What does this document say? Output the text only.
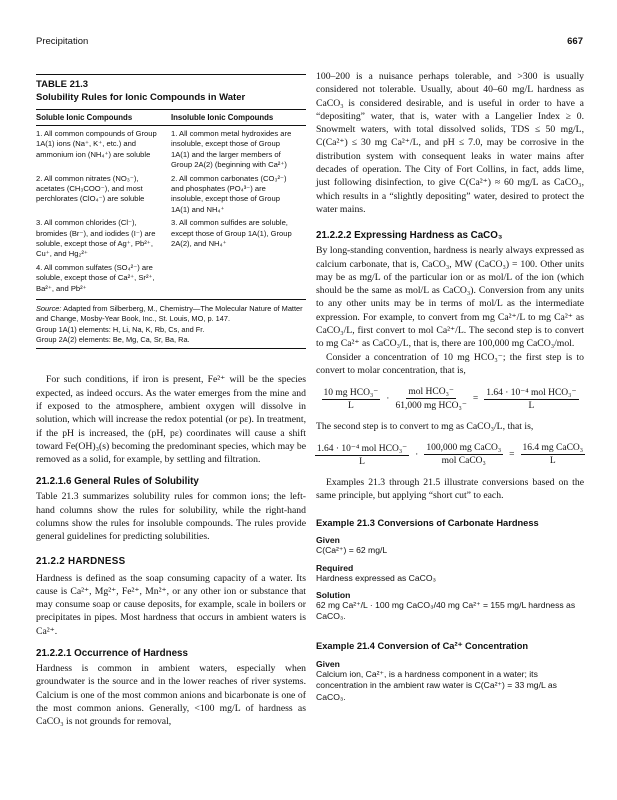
Precipitation	667
TABLE 21.3
Solubility Rules for Ionic Compounds in Water
Soluble Ionic Compounds	Insoluble Ionic Compounds
1. All common compounds of Group 1A(1) ions (Na⁺, K⁺, etc.) and ammonium ion (NH₄⁺) are soluble
1. All common metal hydroxides are insoluble, except those of Group 1A(1) and the larger members of Group 2A(2) (beginning with Ca²⁺)
2. All common nitrates (NO₃⁻), acetates (CH₃COO⁻), and most perchlorates (ClO₄⁻) are soluble
2. All common carbonates (CO₃²⁻) and phosphates (PO₄³⁻) are insoluble, except those of Group 1A(1) and NH₄⁺
3. All common chlorides (Cl⁻), bromides (Br⁻), and iodides (I⁻) are soluble, except those of Ag⁺, Pb²⁺, Cu⁺, and Hg₂²⁺
3. All common sulfides are soluble, except those of Group 1A(1), Group 2A(2), and NH₄⁺
4. All common sulfates (SO₄²⁻) are soluble, except those of Ca²⁺, Sr²⁺, Ba²⁺, and Pb²⁺
Source: Adapted from Silberberg, M., Chemistry—The Molecular Nature of Matter and Change, Mosby-Year Book, Inc., St. Louis, MO, p. 147.
Group 1A(1) elements: H, Li, Na, K, Rb, Cs, and Fr.
Group 2A(2) elements: Be, Mg, Ca, Sr, Ba, Ra.

For such conditions, if iron is present, Fe²⁺ will be the species expected, as indeed occurs. As the water emerges from the mine and if exposed to the atmosphere, ambient oxygen will dissolve in solution, which will increase the redox potential (or pε). In treatment, if the pH is increased, the (pH, pε) coordinates will cause a shift toward Fe(OH)₃(s) becoming the predominant species, which may be removed as a solid, for example, by settling and filtration.

21.2.1.6 General Rules of Solubility

Table 21.3 summarizes solubility rules for common ions; the left-hand columns show the rules for solubility, while the right-hand columns show the rules for insoluble compounds. The rules provide general guidelines for predicting solubilities.

21.2.2 HARDNESS

Hardness is defined as the soap consuming capacity of a water. Its cause is Ca²⁺, Mg²⁺, Fe²⁺, Mn²⁺, or any other ion or substance that may consume soap or cause deposits, for example, scale in boilers or precipitates in pipes. Most hardness that occurs in ambient waters is Ca²⁺.

21.2.2.1 Occurrence of Hardness

Hardness is common in ambient waters, especially when groundwater is the source and in the lower reaches of river systems. Calcium is one of the most common anions and bicarbonate is one of the most common anions. Generally, <100 mg/L of hardness as CaCO₃ is not grounds for removal,

100–200 is a nuisance perhaps tolerable, and >300 is usually considered not tolerable. Usually, about 40–60 mg/L hardness as CaCO₃ is considered desirable, and is useful in order to have a “depositing” water, that is, water with a Langelier Index ≥ 0. Snowmelt waters, with total dissolved solids, TDS ≤ 50 mg/L, C(Ca²⁺) ≤ 30 mg Ca²⁺/L, and pH ≤ 7.0, may be corrosive in the distribution system with consequent leaks in water mains after decades of operation. The City of Fort Collins, in fact, adds lime, just following disinfection, to give C(Ca²⁺) ≈ 60 mg/L as CaCO₃, which results in a “slightly depositing” water, desired to protect the water mains.

21.2.2.2 Expressing Hardness as CaCO₃

By long-standing convention, hardness is nearly always expressed as calcium carbonate, that is, CaCO₃, MW (CaCO₃) = 100. Other units may be as mg/L of the particular ion or as mol/L of the ion (which should be the same as mol/L as CaCO₃). Conversion from any units to any other units may be in terms of mol/L as the intermediate expression. For example, to convert from mg Ca²⁺/L to mg Ca²⁺ as CaCO₃/L, first convert to mol Ca²⁺/L. The second step is to convert to mg Ca²⁺ as CaCO₃/L, that is, there are 100,000 mg CaCO₃/mol.

Consider a concentration of 10 mg HCO₃⁻; the first step is to convert to molar concentration, that is,

$\frac{\text{10 mg HCO₃⁻}}{L} \cdot \frac{\text{mol HCO₃⁻}}{\text{61,000 mg HCO₃⁻}} = \frac{\text{1.64 · 10⁻⁴ mol HCO₃⁻}}{L}$

The second step is to convert to mg as CaCO₃/L, that is,

$\frac{\text{1.64 · 10⁻⁴ mol HCO₃⁻}}{L} \cdot \frac{\text{100,000 mg CaCO₃}}{\text{mol CaCO₃}} = \frac{\text{16.4 mg CaCO₃}}{L}$

Examples 21.3 through 21.5 illustrate conversions based on the same principle, but applying “short cut” to each.

Example 21.3 Conversions of Carbonate Hardness
Given
C(Ca²⁺) = 62 mg/L
Required
Hardness expressed as CaCO₃
Solution
62 mg Ca²⁺/L · 100 mg CaCO₃/40 mg Ca²⁺ = 155 mg/L hardness as CaCO₃.
Example 21.4 Conversion of Ca²⁺ Concentration
Given
Calcium ion, Ca²⁺, is a hardness component in a water; its concentration in the ambient raw water is C(Ca²⁺) = 33 mg/L as CaCO₃.
